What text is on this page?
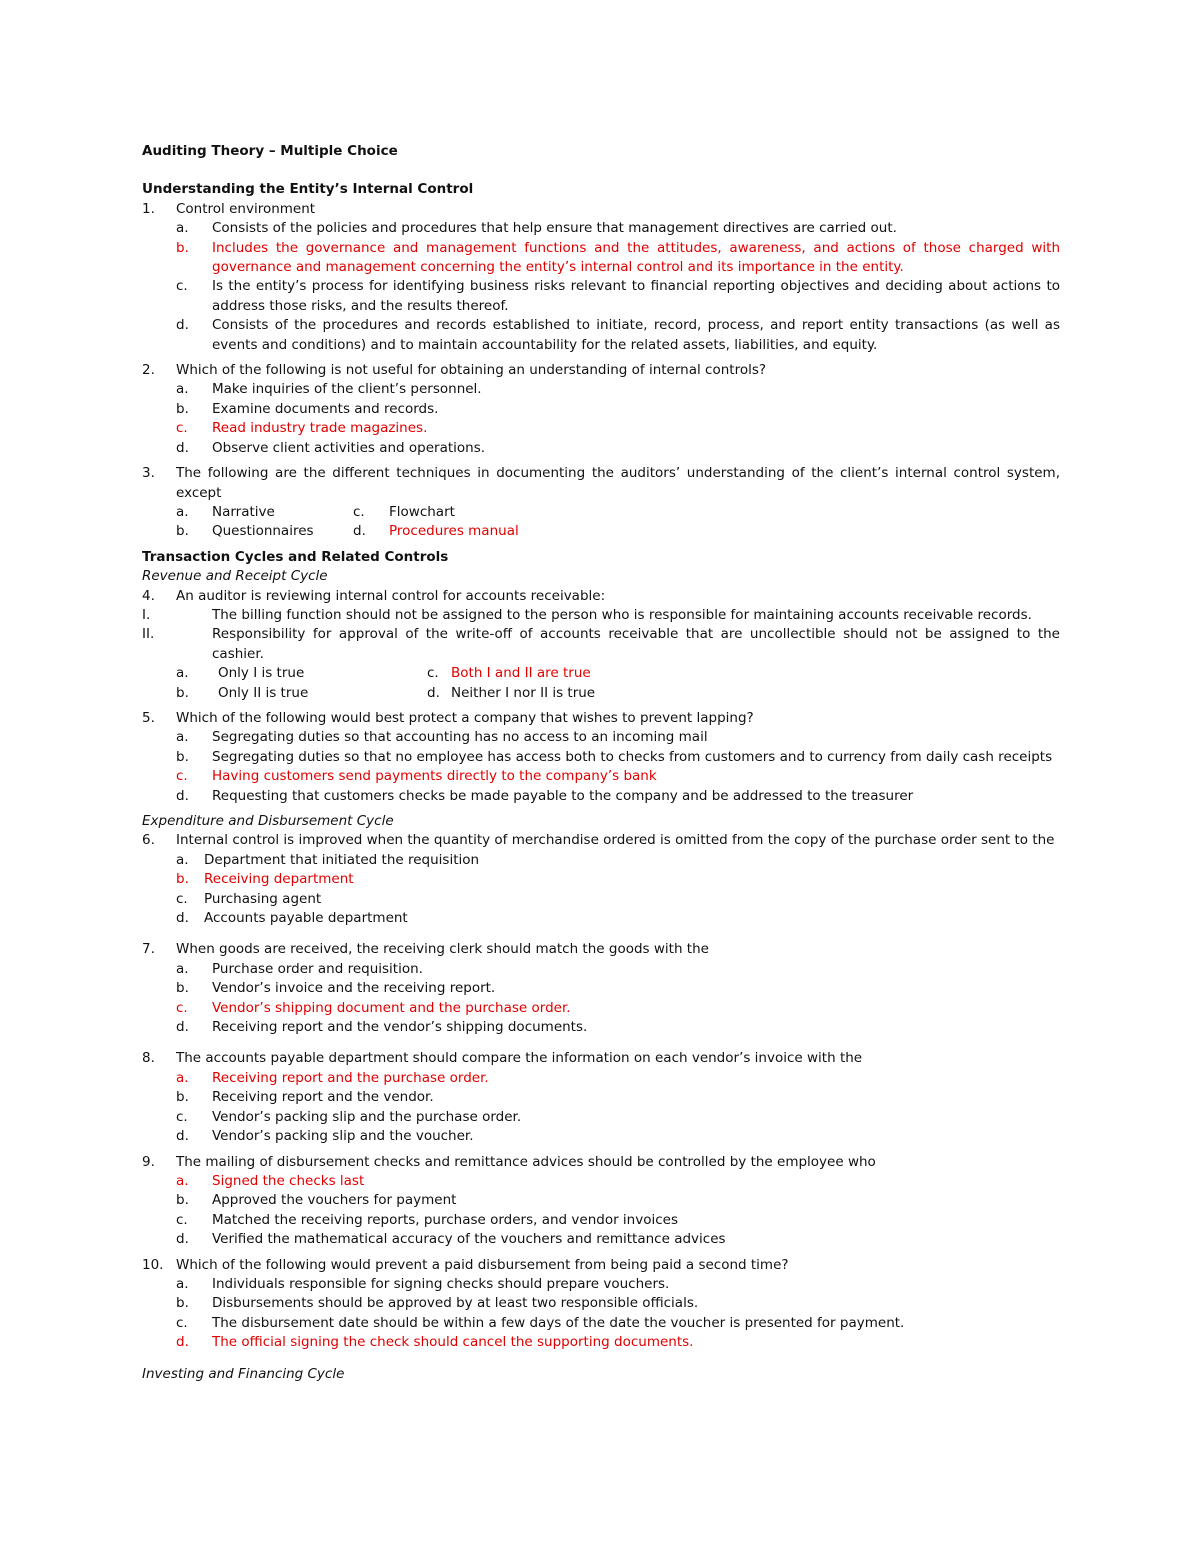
Auditing Theory – Multiple Choice
Understanding the Entity’s Internal Control
1.	Control environment
a.	Consists of the policies and procedures that help ensure that management directives are carried out.
b.	Includes the governance and management functions and the attitudes, awareness, and actions of those charged with governance and management concerning the entity’s internal control and its importance in the entity.
c.	Is the entity’s process for identifying business risks relevant to financial reporting objectives and deciding about actions to address those risks, and the results thereof.
d.	Consists of the procedures and records established to initiate, record, process, and report entity transactions (as well as events and conditions) and to maintain accountability for the related assets, liabilities, and equity.
2.	Which of the following is not useful for obtaining an understanding of internal controls?
a.	Make inquiries of the client’s personnel.
b.	Examine documents and records.
c.	Read industry trade magazines.
d.	Observe client activities and operations.
3.	The following are the different techniques in documenting the auditors’ understanding of the client’s internal control system, except
a.	Narrative	c.	Flowchart
b.	Questionnaires	d.	Procedures manual
Transaction Cycles and Related Controls
Revenue and Receipt Cycle
4.	An auditor is reviewing internal control for accounts receivable:
I.	The billing function should not be assigned to the person who is responsible for maintaining accounts receivable records.
II.	Responsibility for approval of the write-off of accounts receivable that are uncollectible should not be assigned to the cashier.
a.	Only I is true	c. Both I and II are true
b.	Only II is true	d. Neither I nor II is true
5.	Which of the following would best protect a company that wishes to prevent lapping?
a.	Segregating duties so that accounting has no access to an incoming mail
b.	Segregating duties so that no employee has access both to checks from customers and to currency from daily cash receipts
c.	Having customers send payments directly to the company’s bank
d.	Requesting that customers checks be made payable to the company and be addressed to the treasurer
Expenditure and Disbursement Cycle
6.	Internal control is improved when the quantity of merchandise ordered is omitted from the copy of the purchase order sent to the
a.	Department that initiated the requisition
b.	Receiving department
c.	Purchasing agent
d.	Accounts payable department
7.	When goods are received, the receiving clerk should match the goods with the
a.	Purchase order and requisition.
b.	Vendor’s invoice and the receiving report.
c.	Vendor’s shipping document and the purchase order.
d.	Receiving report and the vendor’s shipping documents.
8.	The accounts payable department should compare the information on each vendor’s invoice with the
a.	Receiving report and the purchase order.
b.	Receiving report and the vendor.
c.	Vendor’s packing slip and the purchase order.
d.	Vendor’s packing slip and the voucher.
9.	The mailing of disbursement checks and remittance advices should be controlled by the employee who
a.	Signed the checks last
b.	Approved the vouchers for payment
c.	Matched the receiving reports, purchase orders, and vendor invoices
d.	Verified the mathematical accuracy of the vouchers and remittance advices
10. Which of the following would prevent a paid disbursement from being paid a second time?
a.	Individuals responsible for signing checks should prepare vouchers.
b.	Disbursements should be approved by at least two responsible officials.
c.	The disbursement date should be within a few days of the date the voucher is presented for payment.
d.	The official signing the check should cancel the supporting documents.
Investing and Financing Cycle
